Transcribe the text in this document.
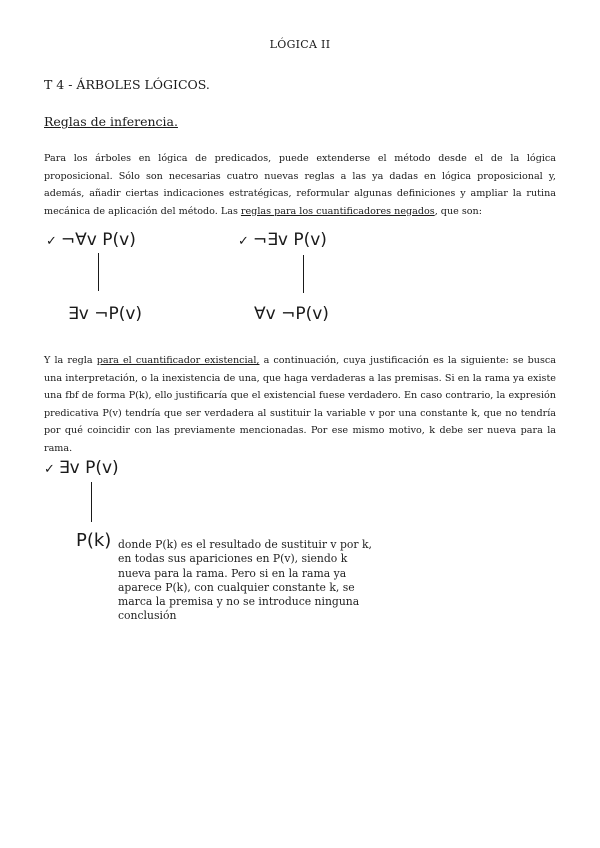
LÓGICA II
T 4 - ÁRBOLES LÓGICOS.
Reglas de inferencia.
Para los árboles en lógica de predicados, puede extenderse el método desde el de la lógica proposicional. Sólo son necesarias cuatro nuevas reglas a las ya dadas en lógica proposicional y, además, añadir ciertas indicaciones estratégicas, reformular algunas definiciones y ampliar la rutina mecánica de aplicación del método. Las reglas para los cuantificadores negados, que son:
✓ ¬∀v P(v)
∃v ¬P(v)
✓ ¬∃v P(v)
∀v ¬P(v)
Y la regla para el cuantificador existencial, a continuación, cuya justificación es la siguiente: se busca una interpretación, o la inexistencia de una, que haga verdaderas a las premisas. Si en la rama ya existe una fbf de forma P(k), ello justificaría que el existencial fuese verdadero. En caso contrario, la expresión predicativa P(v) tendría que ser verdadera al sustituir la variable v por una constante k, que no tendría por qué coincidir con las previamente mencionadas. Por ese mismo motivo, k debe ser nueva para la rama.
✓ ∃v P(v)
P(k) donde P(k) es el resultado de sustituir v por k, en todas sus apariciones en P(v), siendo k nueva para la rama. Pero si en la rama ya aparece P(k), con cualquier constante k, se marca la premisa y no se introduce ninguna conclusión
